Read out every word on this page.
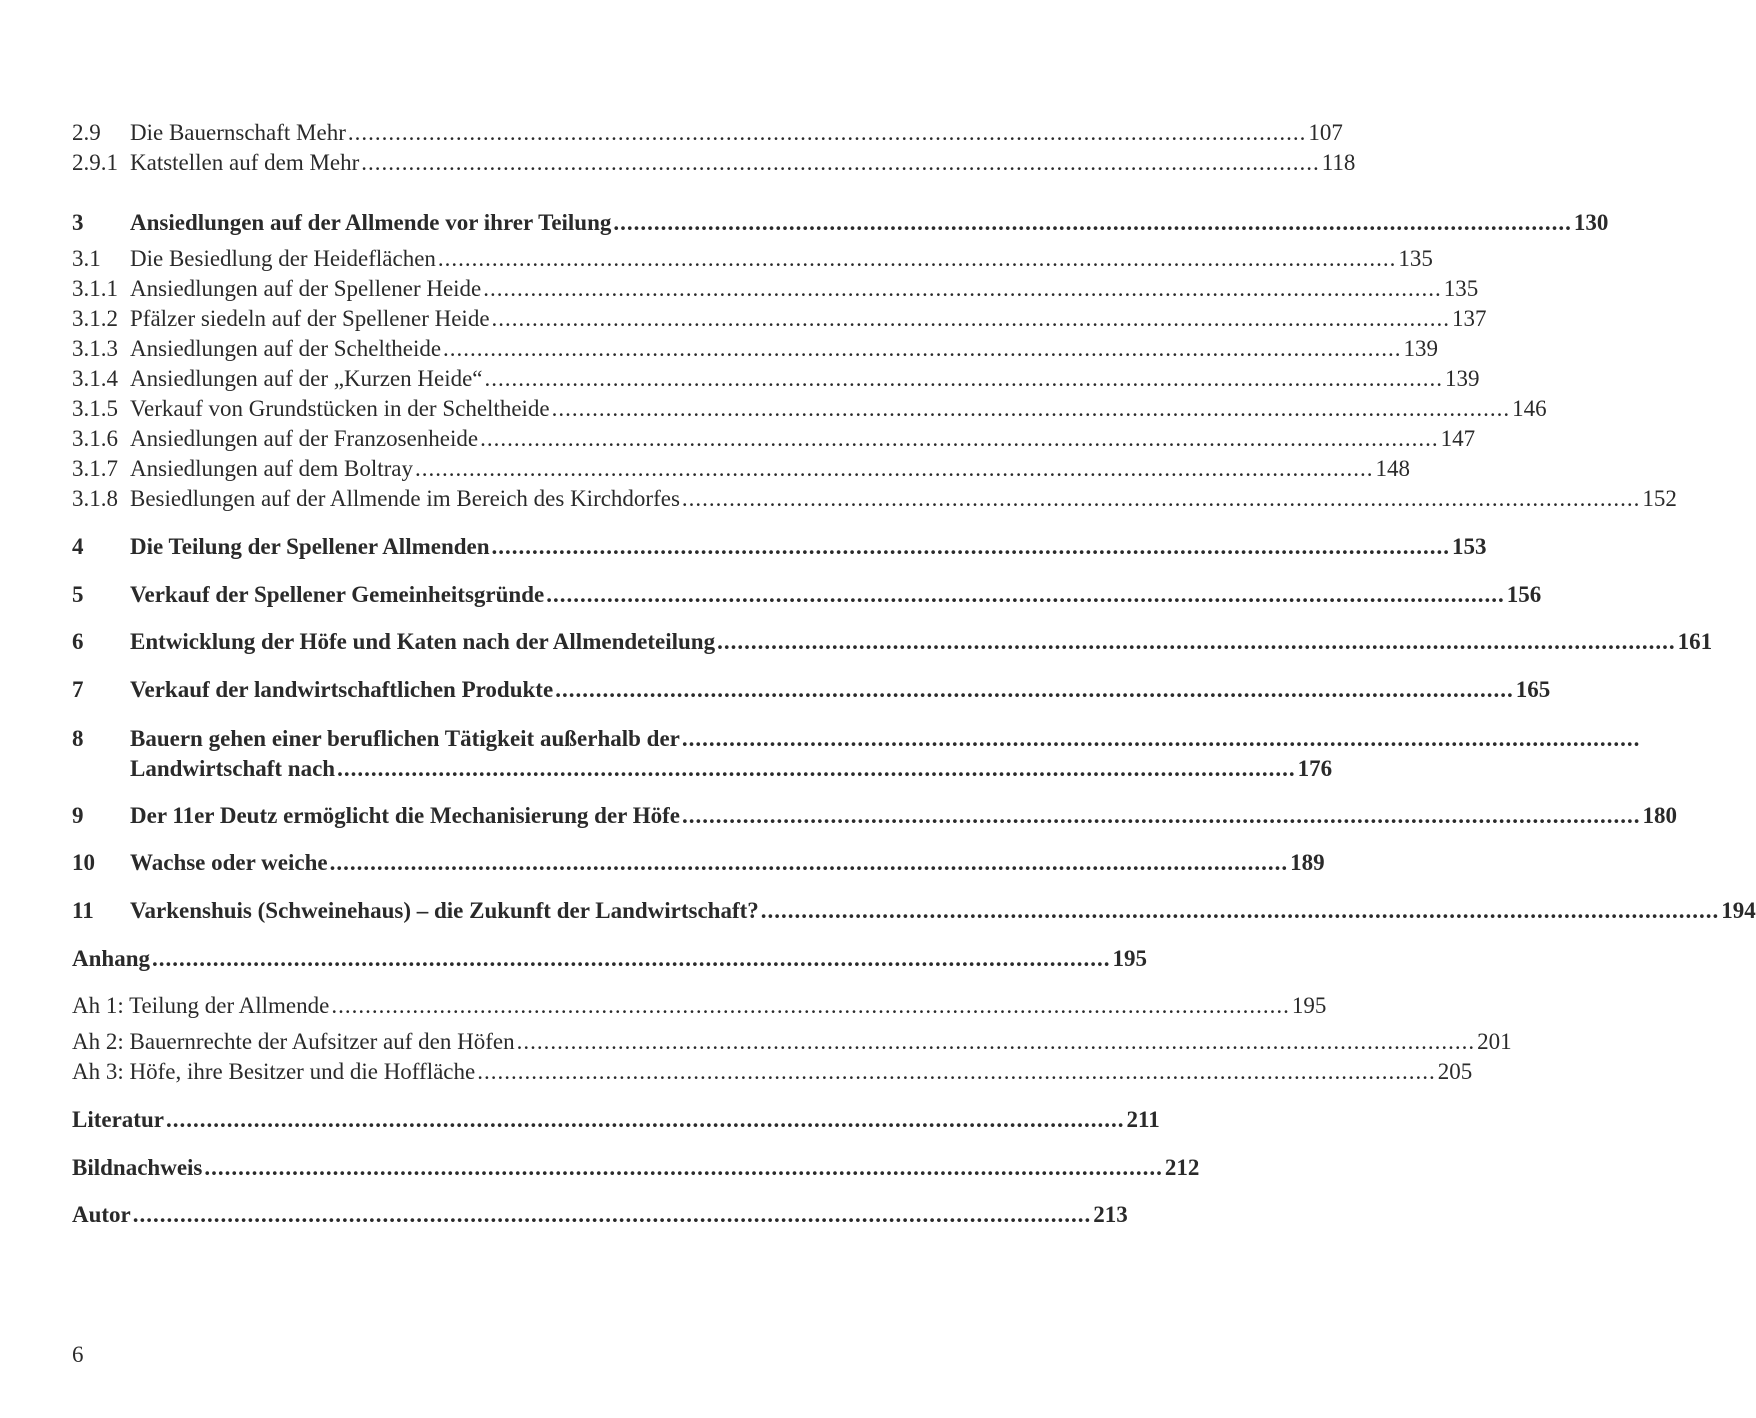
2.9	Die Bauernschaft Mehr .............................................................................................................................................. 107
2.9.1 Katstellen auf dem Mehr .............................................................................................................................................. 118
3	Ansiedlungen auf der Allmende vor ihrer Teilung .............................................................................................................................................. 130
3.1	Die Besiedlung der Heideflächen .............................................................................................................................................. 135
3.1.1 Ansiedlungen auf der Spellener Heide .............................................................................................................................................. 135
3.1.2 Pfälzer siedeln auf der Spellener Heide .............................................................................................................................................. 137
3.1.3 Ansiedlungen auf der Scheltheide .............................................................................................................................................. 139
3.1.4 Ansiedlungen auf der „Kurzen Heide“ .............................................................................................................................................. 139
3.1.5 Verkauf von Grundstücken in der Scheltheide .............................................................................................................................................. 146
3.1.6 Ansiedlungen auf der Franzosenheide .............................................................................................................................................. 147
3.1.7 Ansiedlungen auf dem Boltray .............................................................................................................................................. 148
3.1.8 Besiedlungen auf der Allmende im Bereich des Kirchdorfes .............................................................................................................................................. 152
4	Die Teilung der Spellener Allmenden .............................................................................................................................................. 153
5	Verkauf der Spellener Gemeinheitsgründe .............................................................................................................................................. 156
6	Entwicklung der Höfe und Katen nach der Allmendeteilung .............................................................................................................................................. 161
7	Verkauf der landwirtschaftlichen Produkte .............................................................................................................................................. 165
8	Bauern gehen einer beruflichen Tätigkeit außerhalb der ..............................................................................................................................................
Landwirtschaft nach .............................................................................................................................................. 176
9	Der 11er Deutz ermöglicht die Mechanisierung der Höfe .............................................................................................................................................. 180
10	Wachse oder weiche .............................................................................................................................................. 189
11	Varkenshuis (Schweinehaus) – die Zukunft der Landwirtschaft? .............................................................................................................................................. 194
Anhang .............................................................................................................................................. 195
Ah 1: Teilung der Allmende .............................................................................................................................................. 195
Ah 2: Bauernrechte der Aufsitzer auf den Höfen .............................................................................................................................................. 201
Ah 3: Höfe, ihre Besitzer und die Hoffläche .............................................................................................................................................. 205
Literatur .............................................................................................................................................. 211
Bildnachweis .............................................................................................................................................. 212
Autor .............................................................................................................................................. 213
6
